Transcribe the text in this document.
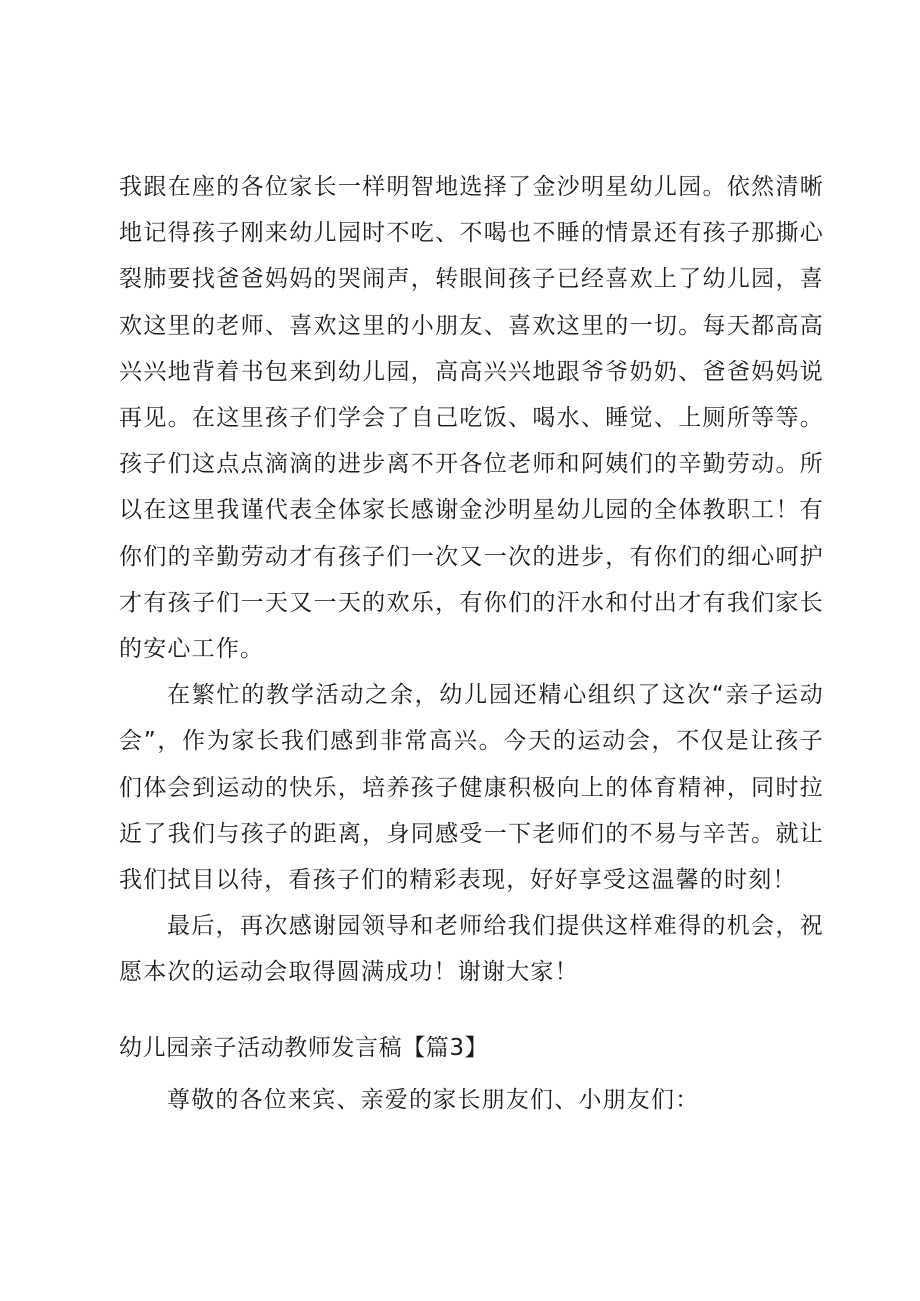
我跟在座的各位家长一样明智地选择了金沙明星幼儿园。依然清晰地记得孩子刚来幼儿园时不吃、不喝也不睡的情景还有孩子那撕心裂肺要找爸爸妈妈的哭闹声，转眼间孩子已经喜欢上了幼儿园，喜欢这里的老师、喜欢这里的小朋友、喜欢这里的一切。每天都高高兴兴地背着书包来到幼儿园，高高兴兴地跟爷爷奶奶、爸爸妈妈说再见。在这里孩子们学会了自己吃饭、喝水、睡觉、上厕所等等。孩子们这点点滴滴的进步离不开各位老师和阿姨们的辛勤劳动。所以在这里我谨代表全体家长感谢金沙明星幼儿园的全体教职工！有你们的辛勤劳动才有孩子们一次又一次的进步，有你们的细心呵护才有孩子们一天又一天的欢乐，有你们的汗水和付出才有我们家长的安心工作。

在繁忙的教学活动之余，幼儿园还精心组织了这次“亲子运动会”，作为家长我们感到非常高兴。今天的运动会，不仅是让孩子们体会到运动的快乐，培养孩子健康积极向上的体育精神，同时拉近了我们与孩子的距离，身同感受一下老师们的不易与辛苦。就让我们拭目以待，看孩子们的精彩表现，好好享受这温馨的时刻！

最后，再次感谢园领导和老师给我们提供这样难得的机会，祝愿本次的运动会取得圆满成功！谢谢大家！

幼儿园亲子活动教师发言稿【篇3】

尊敬的各位来宾、亲爱的家长朋友们、小朋友们：
